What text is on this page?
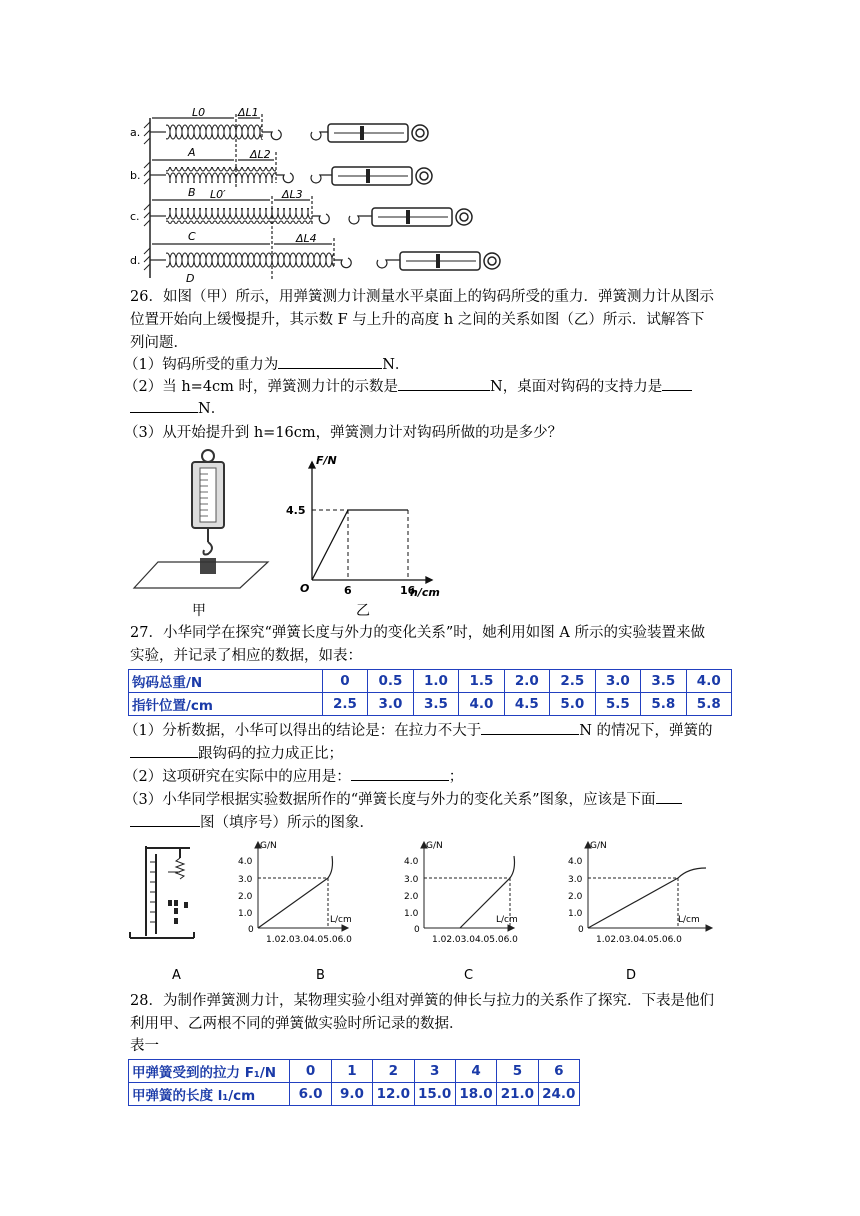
a.
b.
c.
d.
L0	ΔL1
A	ΔL2
B L0′	ΔL3
C	ΔL4
D
26．如图（甲）所示，用弹簧测力计测量水平桌面上的钩码所受的重力．弹簧测力计从图示
位置开始向上缓慢提升，其示数 F 与上升的高度 h 之间的关系如图（乙）所示．试解答下
列问题．
（1）钩码所受的重力为	N．
（2）当 h=4cm 时，弹簧测力计的示数是	N，桌面对钩码的支持力是
N．
（3）从开始提升到 h=16cm，弹簧测力计对钩码所做的功是多少？
甲
F/N
4.5
O	6	16
h/cm
乙
27．小华同学在探究“弹簧长度与外力的变化关系”时，她利用如图 A 所示的实验装置来做
实验，并记录了相应的数据，如表：
钩码总重/N	0	0.5	1.0	1.5	2.0	2.5	3.0	3.5	4.0
指针位置/cm	2.5	3.0	3.5	4.0	4.5	5.0	5.5	5.8	5.8
（1）分析数据，小华可以得出的结论是：在拉力不大于	N 的情况下，弹簧的
跟钩码的拉力成正比；
（2）这项研究在实际中的应用是：	；
（3）小华同学根据实验数据所作的“弹簧长度与外力的变化关系”图象，应该是下面
图（填序号）所示的图象．
G/N
4.0
3.0
2.0
1.0
0
L/cm
1.02.03.04.05.06.0
G/N
4.0
3.0
2.0
1.0
0
L/cm
1.02.03.04.05.06.0
G/N
4.0
3.0
2.0
1.0
0
L/cm
1.02.03.04.05.06.0
A	B	C	D
28．为制作弹簧测力计，某物理实验小组对弹簧的伸长与拉力的关系作了探究．下表是他们
利用甲、乙两根不同的弹簧做实验时所记录的数据．
表一
甲弹簧受到的拉力 F₁/N	0	1	2	3	4	5	6
甲弹簧的长度 l₁/cm	6.0	9.0	12.0	15.0	18.0	21.0	24.0
